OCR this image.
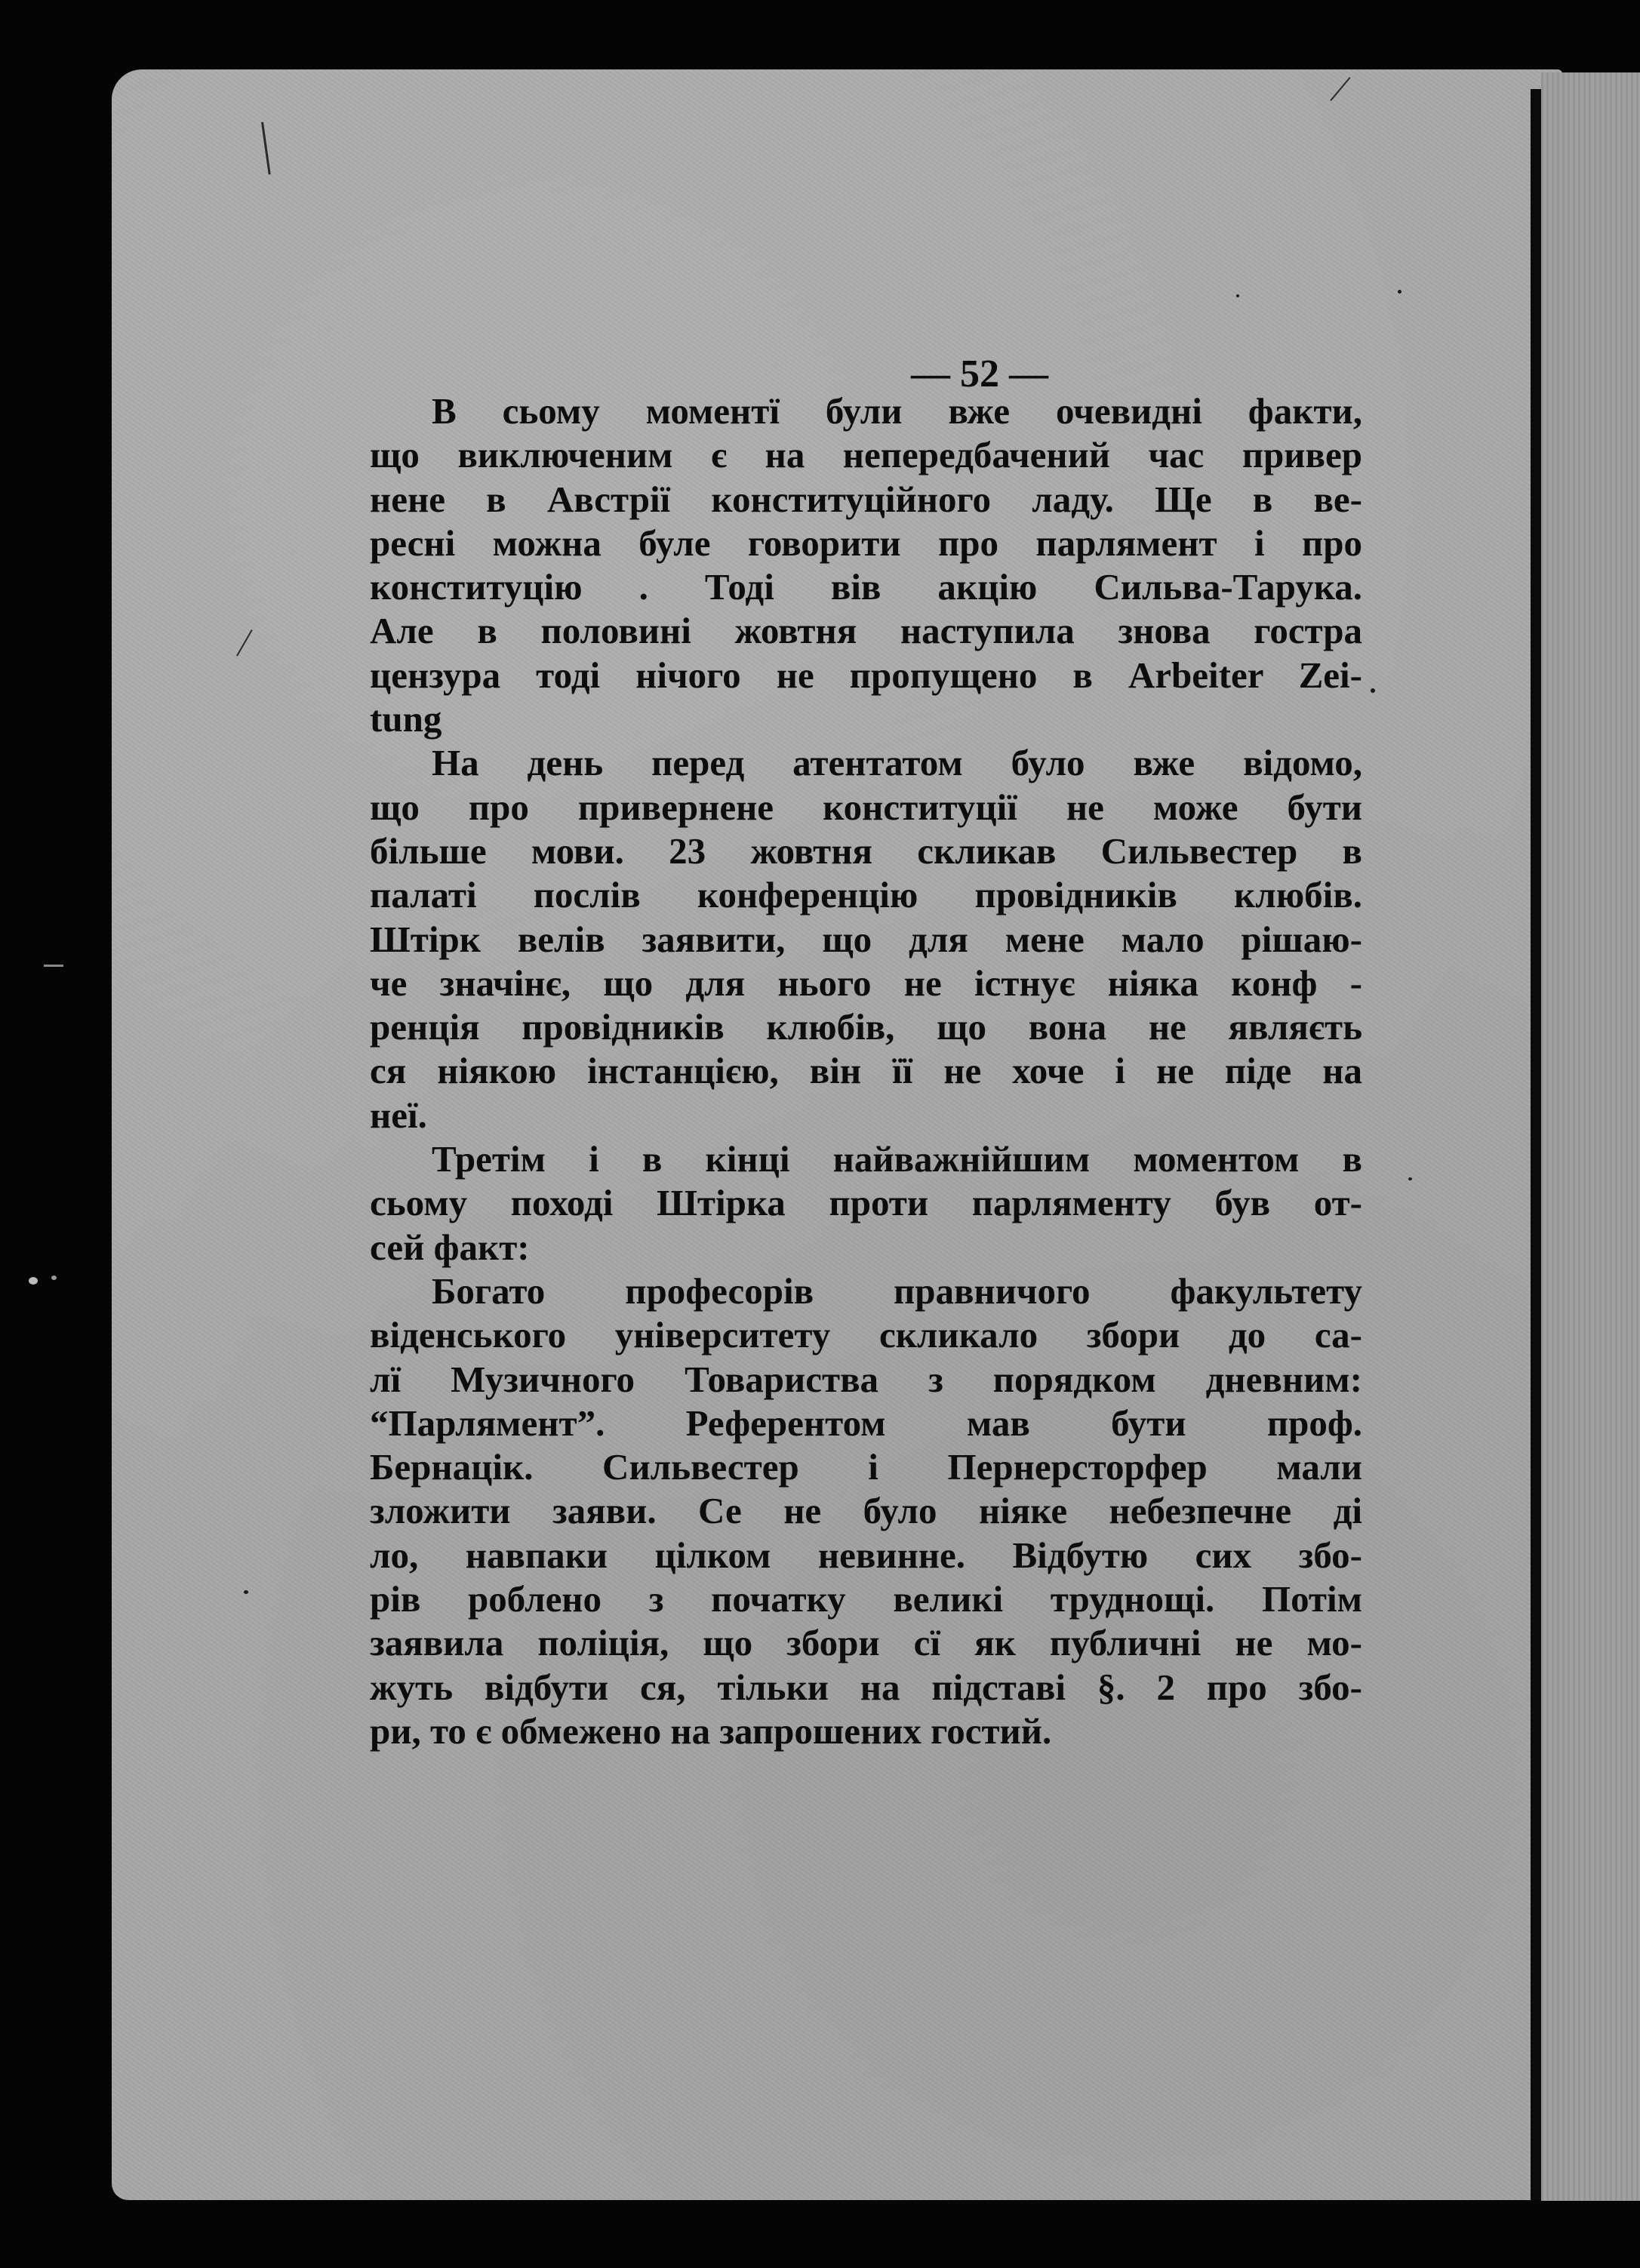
— 52 —
В сьому моментї були вже очевидні факти,
що виключеним є на непередбачений час привер
нене в Австрії конституційного ладу. Ще в ве-
ресні можна буле говорити про парлямент і про
конституцію . Тоді вів акцію Сильва-Тарука.
Але в половині жовтня наступила знова гостра
цензура тоді нічого не пропущено в Arbeiter Zei-
tung
На день перед атентатом було вже відомо,
що про привернене конституції не може бути
більше мови. 23 жовтня скликав Сильвестер в
палаті послів конференцію провідників клюбів.
Штірк велів заявити, що для мене мало рішаю-
че значінє, що для нього не істнує ніяка конф -
ренція провідників клюбів, що вона не являєть
ся ніякою інстанцією, він її не хоче і не піде на
неї.
Третім і в кінці найважнійшим моментом в
сьому поході Штірка проти парляменту був от-
сей факт:
Богато професорів правничого факультету
віденського університету скликало збори до са-
лї Музичного Товариства з порядком дневним:
“Парлямент”. Референтом мав бути проф.
Бернацік. Сильвестер і Пернерсторфер мали
зложити заяви. Се не було ніяке небезпечне ді
ло, навпаки цілком невинне. Відбутю сих збо-
рів роблено з початку великі труднощі. Потім
заявила поліція, що збори сї як публичні не мо-
жуть відбути ся, тільки на підставі §. 2 про збо-
ри, то є обмежено на запрошених гостий.
